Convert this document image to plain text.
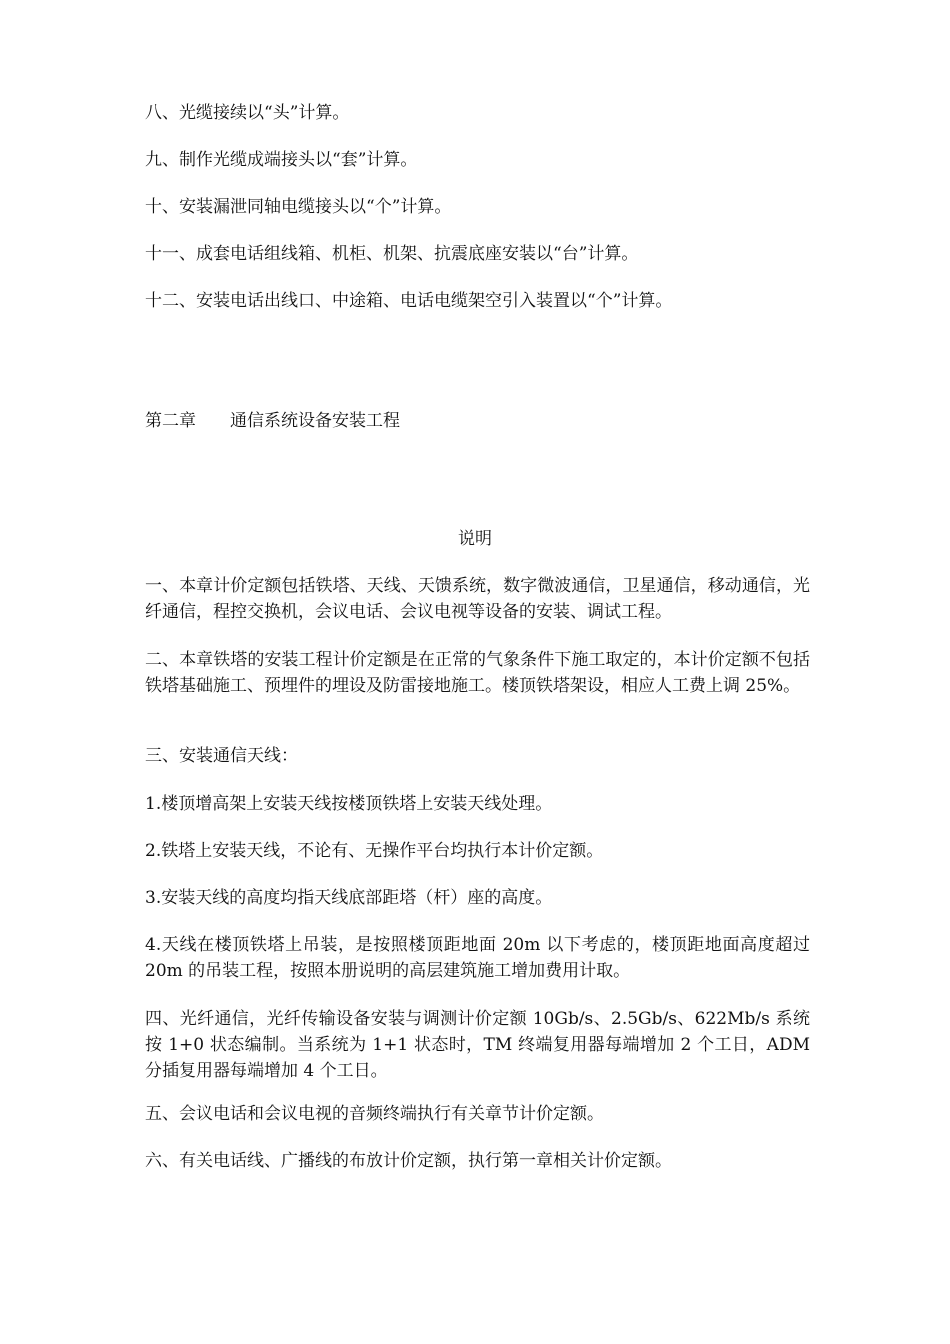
八、光缆接续以“头”计算。

九、制作光缆成端接头以“套”计算。

十、安装漏泄同轴电缆接头以“个”计算。

十一、成套电话组线箱、机柜、机架、抗震底座安装以“台”计算。

十二、安装电话出线口、中途箱、电话电缆架空引入装置以“个”计算。

第二章 通信系统设备安装工程
说明

一、本章计价定额包括铁塔、天线、天馈系统，数字微波通信，卫星通信，移动通信，光纤通信，程控交换机，会议电话、会议电视等设备的安装、调试工程。

二、本章铁塔的安装工程计价定额是在正常的气象条件下施工取定的，本计价定额不包括铁塔基础施工、预埋件的埋设及防雷接地施工。楼顶铁塔架设，相应人工费上调 25%。

三、安装通信天线：

1.楼顶增高架上安装天线按楼顶铁塔上安装天线处理。

2.铁塔上安装天线，不论有、无操作平台均执行本计价定额。

3.安装天线的高度均指天线底部距塔（杆）座的高度。

4.天线在楼顶铁塔上吊装，是按照楼顶距地面 20m 以下考虑的，楼顶距地面高度超过 20m 的吊装工程，按照本册说明的高层建筑施工增加费用计取。

四、光纤通信，光纤传输设备安装与调测计价定额 10Gb/s、2.5Gb/s、622Mb/s 系统按 1+0 状态编制。当系统为 1+1 状态时，TM 终端复用器每端增加 2 个工日，ADM 分插复用器每端增加 4 个工日。

五、会议电话和会议电视的音频终端执行有关章节计价定额。

六、有关电话线、广播线的布放计价定额，执行第一章相关计价定额。
